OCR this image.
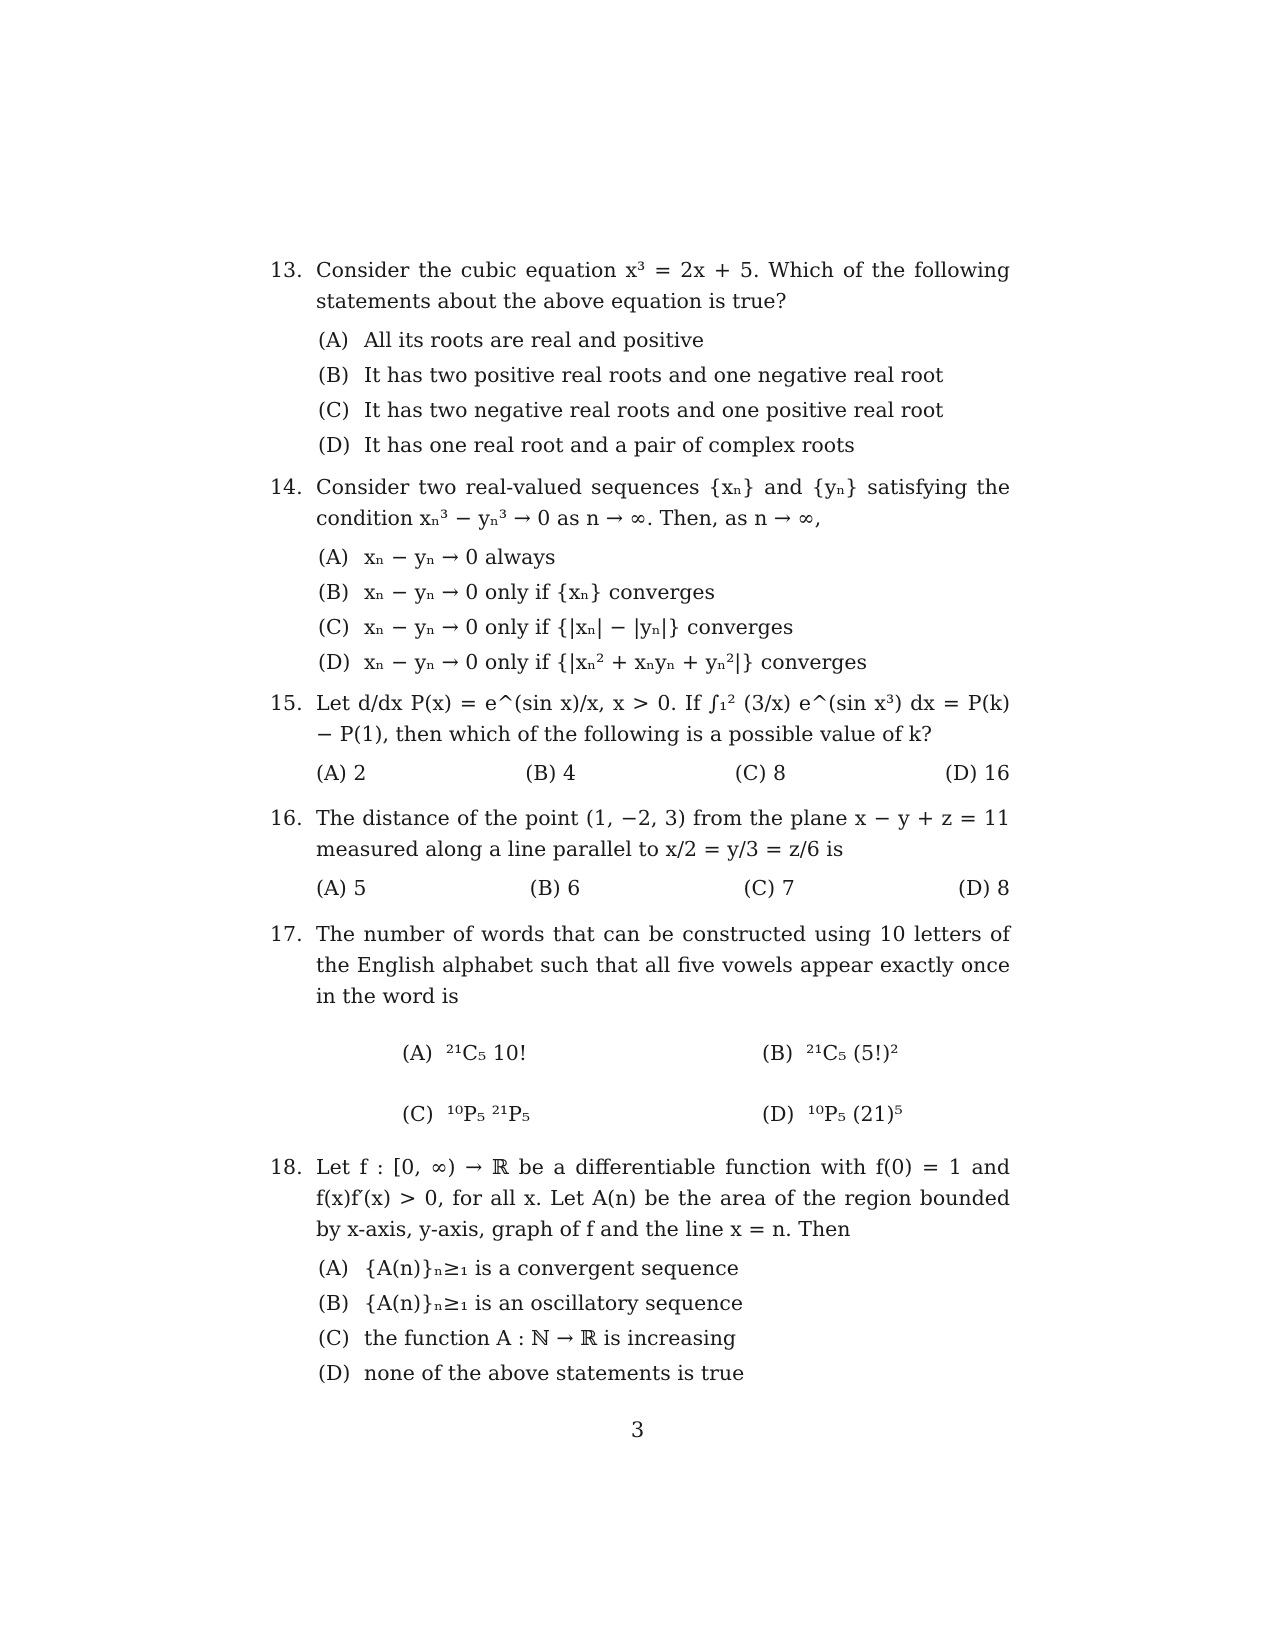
13. Consider the cubic equation x³ = 2x + 5. Which of the following statements about the above equation is true?
(A) All its roots are real and positive
(B) It has two positive real roots and one negative real root
(C) It has two negative real roots and one positive real root
(D) It has one real root and a pair of complex roots
14. Consider two real-valued sequences {xₙ} and {yₙ} satisfying the condition xₙ³ − yₙ³ → 0 as n → ∞. Then, as n → ∞,
(A) xₙ − yₙ → 0 always
(B) xₙ − yₙ → 0 only if {xₙ} converges
(C) xₙ − yₙ → 0 only if {|xₙ| − |yₙ|} converges
(D) xₙ − yₙ → 0 only if {|xₙ² + xₙyₙ + yₙ²|} converges
15. Let d/dx P(x) = e^(sin x)/x, x > 0. If ∫₁² (3/x) e^(sin x³) dx = P(k) − P(1), then which of the following is a possible value of k?
(A) 2	(B) 4	(C) 8	(D) 16
16. The distance of the point (1, −2, 3) from the plane x − y + z = 11 measured along a line parallel to x/2 = y/3 = z/6 is
(A) 5	(B) 6	(C) 7	(D) 8
17. The number of words that can be constructed using 10 letters of the English alphabet such that all five vowels appear exactly once in the word is
(A) ²¹C₅ 10!	(B) ²¹C₅ (5!)²
(C) ¹⁰P₅ ²¹P₅	(D) ¹⁰P₅ (21)⁵
18. Let f : [0, ∞) → ℝ be a differentiable function with f(0) = 1 and f(x)f′(x) > 0, for all x. Let A(n) be the area of the region bounded by x-axis, y-axis, graph of f and the line x = n. Then
(A) {A(n)}ₙ≥₁ is a convergent sequence
(B) {A(n)}ₙ≥₁ is an oscillatory sequence
(C) the function A : ℕ → ℝ is increasing
(D) none of the above statements is true
3
